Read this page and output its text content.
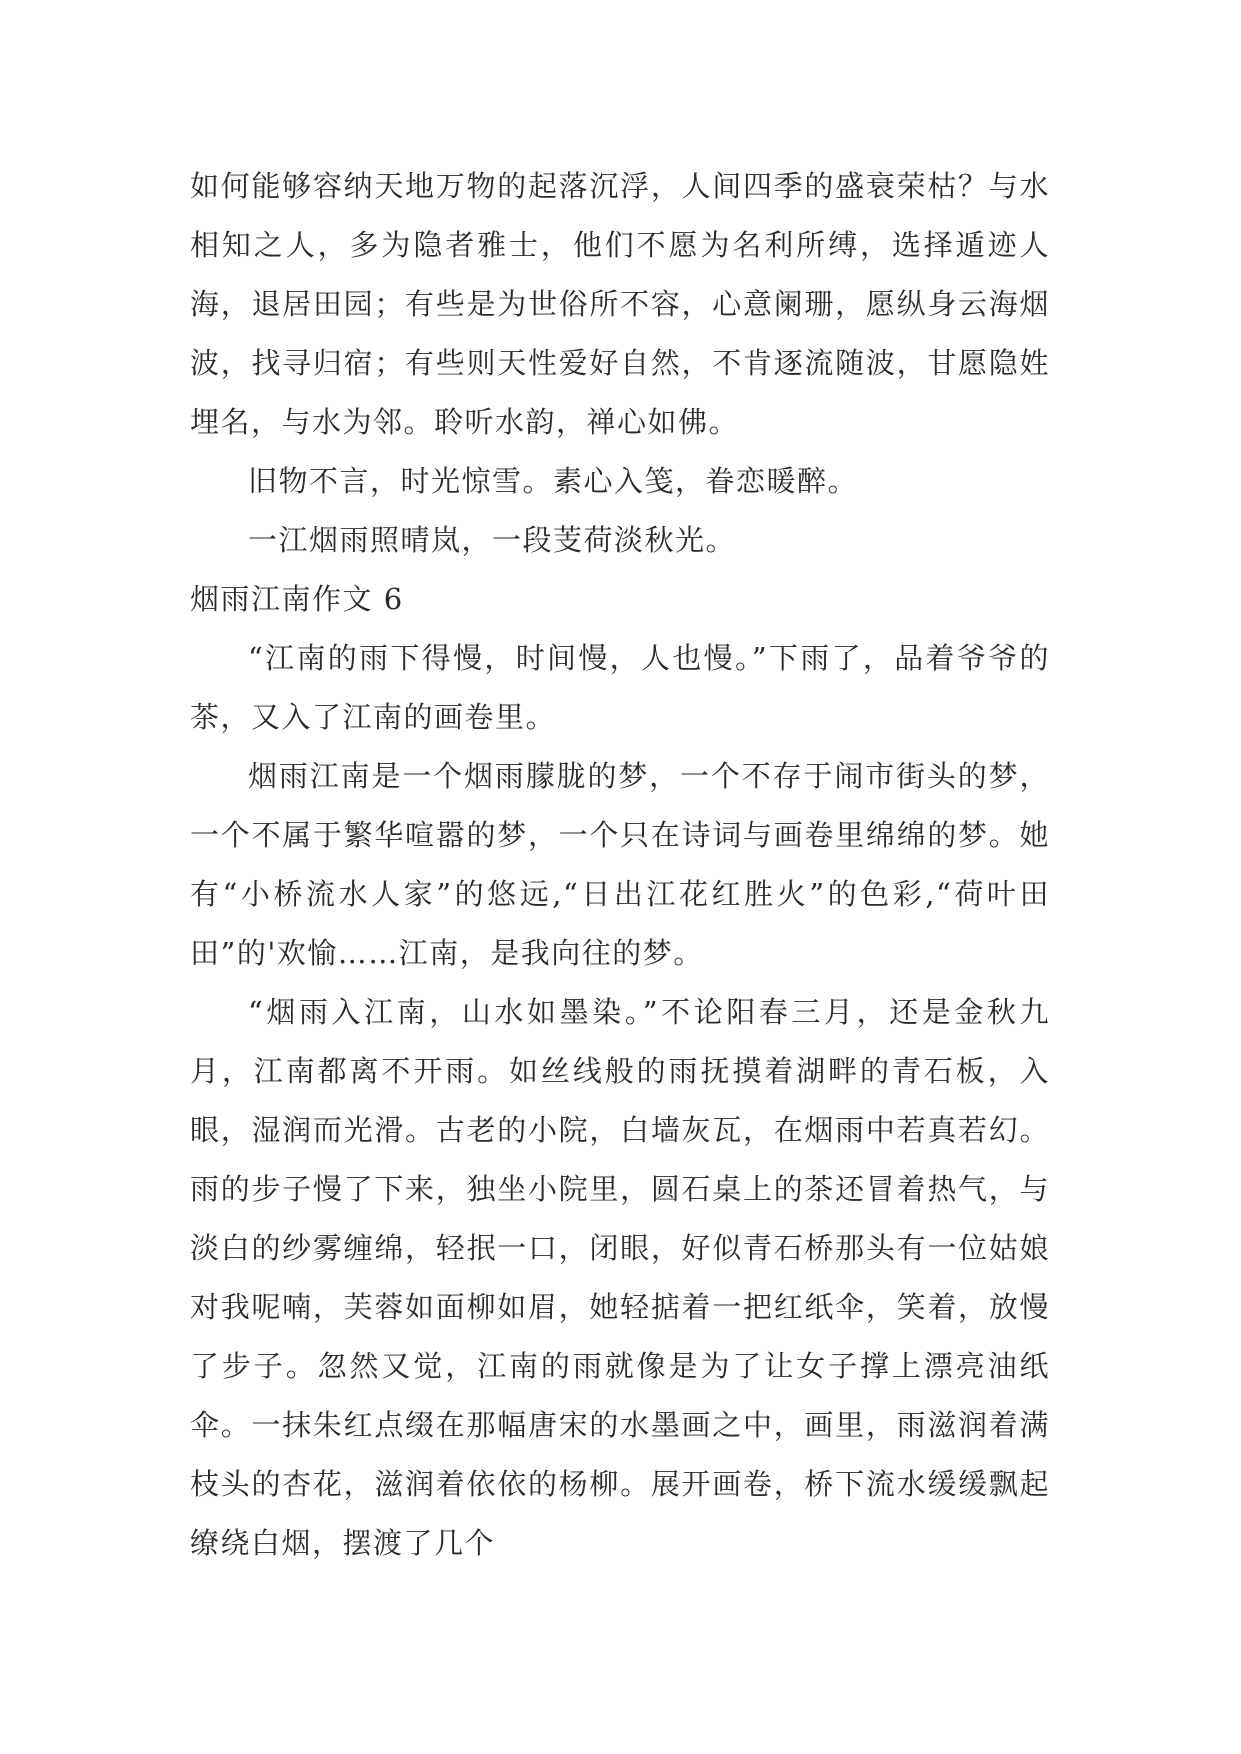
如何能够容纳天地万物的起落沉浮，人间四季的盛衰荣枯？与水相知之人，多为隐者雅士，他们不愿为名利所缚，选择遁迹人海，退居田园；有些是为世俗所不容，心意阑珊，愿纵身云海烟波，找寻归宿；有些则天性爱好自然，不肯逐流随波，甘愿隐姓埋名，与水为邻。聆听水韵，禅心如佛。

旧物不言，时光惊雪。素心入笺，眷恋暖醉。

一江烟雨照晴岚，一段芰荷淡秋光。

烟雨江南作文 6

“江南的雨下得慢，时间慢，人也慢。”下雨了，品着爷爷的茶，又入了江南的画卷里。

烟雨江南是一个烟雨朦胧的梦，一个不存于闹市街头的梦，一个不属于繁华喧嚣的梦，一个只在诗词与画卷里绵绵的梦。她有“小桥流水人家”的悠远,“日出江花红胜火”的色彩,“荷叶田田”的'欢愉……江南，是我向往的梦。

“烟雨入江南，山水如墨染。”不论阳春三月，还是金秋九月，江南都离不开雨。如丝线般的雨抚摸着湖畔的青石板，入眼，湿润而光滑。古老的小院，白墙灰瓦，在烟雨中若真若幻。雨的步子慢了下来，独坐小院里，圆石桌上的茶还冒着热气，与淡白的纱雾缠绵，轻抿一口，闭眼，好似青石桥那头有一位姑娘对我呢喃，芙蓉如面柳如眉，她轻掂着一把红纸伞，笑着，放慢了步子。忽然又觉，江南的雨就像是为了让女子撑上漂亮油纸伞。一抹朱红点缀在那幅唐宋的水墨画之中，画里，雨滋润着满枝头的杏花，滋润着依依的杨柳。展开画卷，桥下流水缓缓飘起缭绕白烟，摆渡了几个
